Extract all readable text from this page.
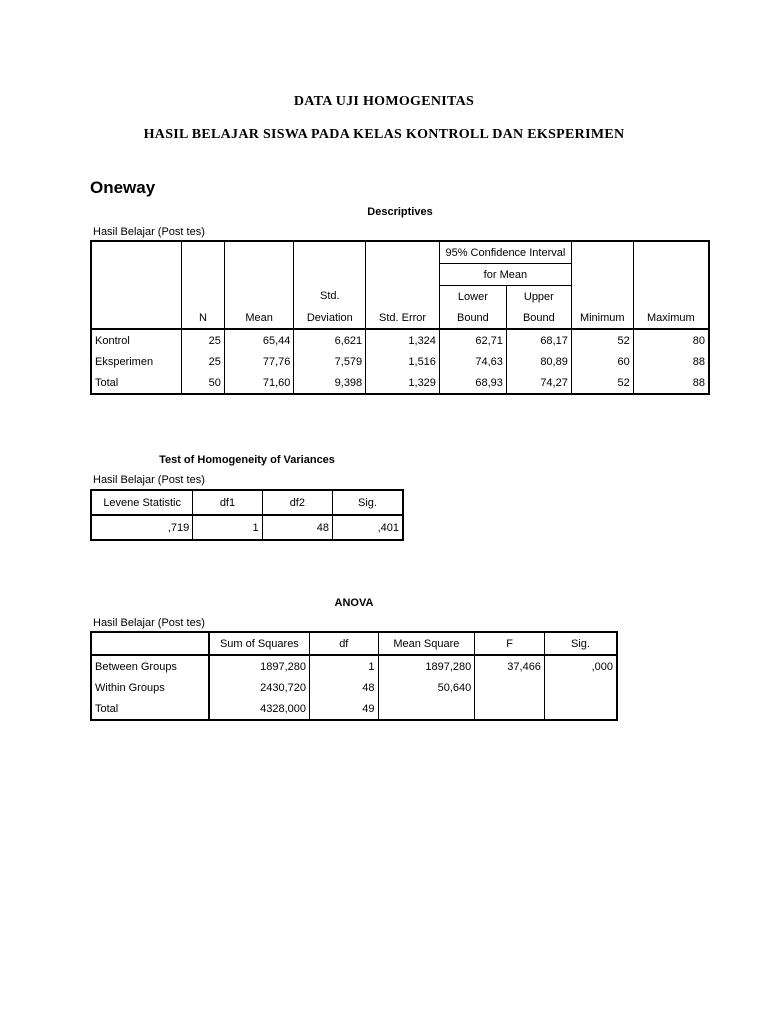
DATA UJI HOMOGENITAS
HASIL BELAJAR SISWA PADA KELAS KONTROLL DAN EKSPERIMEN
Oneway
Descriptives
Hasil Belajar (Post tes)
					95% Confidence Interval			
					for Mean			
			Std.		Lower	Upper		
	N	Mean	Deviation	Std. Error	Bound	Bound	Minimum	Maximum
Kontrol	25	65,44	6,621	1,324	62,71	68,17	52	80
Eksperimen	25	77,76	7,579	1,516	74,63	80,89	60	88
Total	50	71,60	9,398	1,329	68,93	74,27	52	88
Test of Homogeneity of Variances
Hasil Belajar (Post tes)
Levene Statistic	df1	df2	Sig.
,719	1	48	,401
ANOVA
Hasil Belajar (Post tes)
	Sum of Squares	df	Mean Square	F	Sig.
Between Groups	1897,280	1	1897,280	37,466	,000
Within Groups	2430,720	48	50,640		
Total	4328,000	49			
